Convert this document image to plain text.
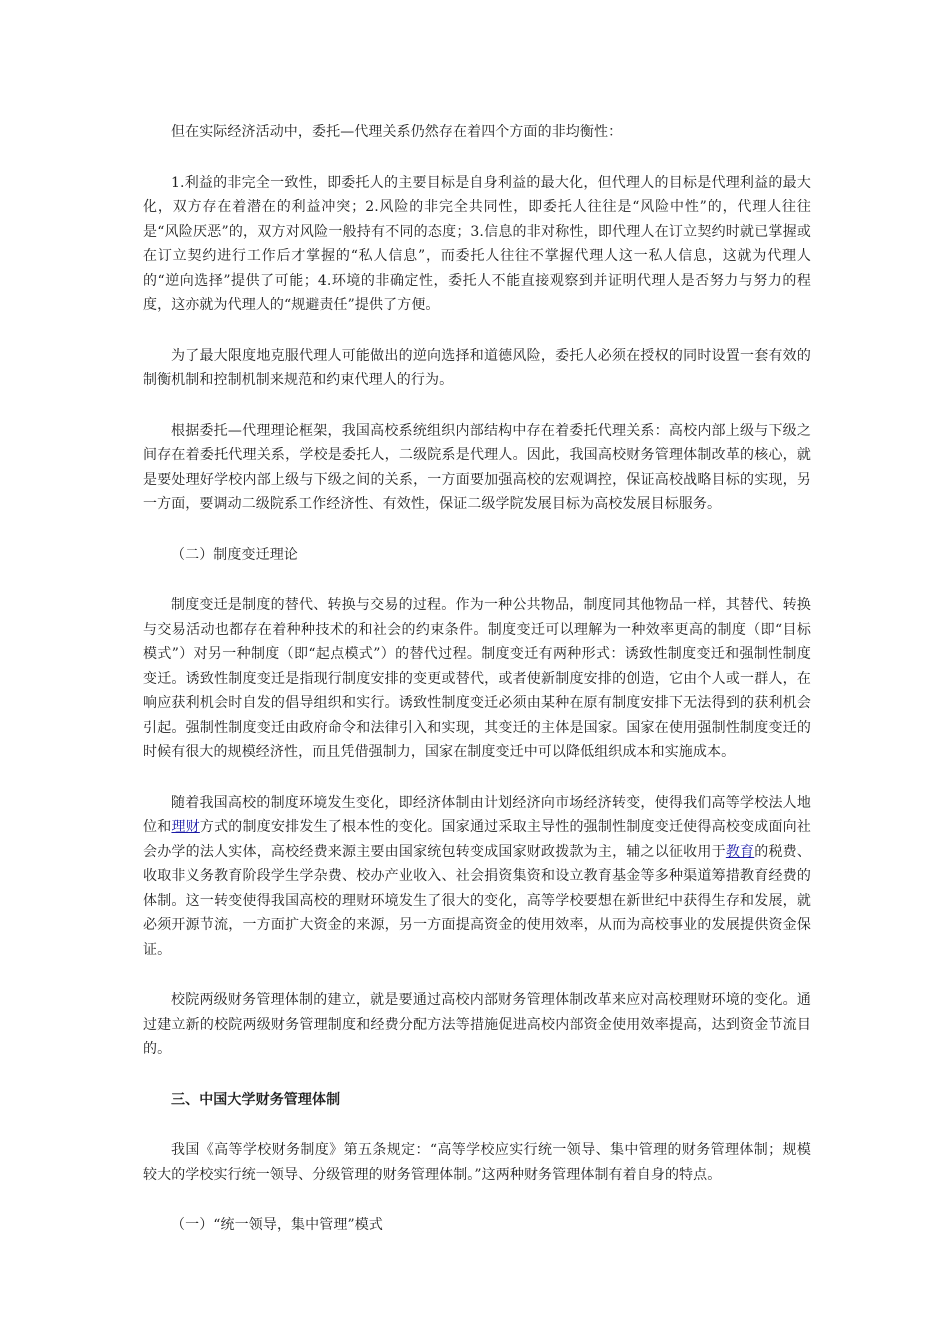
但在实际经济活动中，委托—代理关系仍然存在着四个方面的非均衡性：

1.利益的非完全一致性，即委托人的主要目标是自身利益的最大化，但代理人的目标是代理利益的最大化，双方存在着潜在的利益冲突；2.风险的非完全共同性，即委托人往往是“风险中性”的，代理人往往是“风险厌恶”的，双方对风险一般持有不同的态度；3.信息的非对称性，即代理人在订立契约时就已掌握或在订立契约进行工作后才掌握的“私人信息”，而委托人往往不掌握代理人这一私人信息，这就为代理人的“逆向选择”提供了可能；4.环境的非确定性，委托人不能直接观察到并证明代理人是否努力与努力的程度，这亦就为代理人的“规避责任”提供了方便。

为了最大限度地克服代理人可能做出的逆向选择和道德风险，委托人必须在授权的同时设置一套有效的制衡机制和控制机制来规范和约束代理人的行为。

根据委托—代理理论框架，我国高校系统组织内部结构中存在着委托代理关系：高校内部上级与下级之间存在着委托代理关系，学校是委托人，二级院系是代理人。因此，我国高校财务管理体制改革的核心，就是要处理好学校内部上级与下级之间的关系，一方面要加强高校的宏观调控，保证高校战略目标的实现，另一方面，要调动二级院系工作经济性、有效性，保证二级学院发展目标为高校发展目标服务。

（二）制度变迁理论

制度变迁是制度的替代、转换与交易的过程。作为一种公共物品，制度同其他物品一样，其替代、转换与交易活动也都存在着种种技术的和社会的约束条件。制度变迁可以理解为一种效率更高的制度（即“目标模式”）对另一种制度（即“起点模式”）的替代过程。制度变迁有两种形式：诱致性制度变迁和强制性制度变迁。诱致性制度变迁是指现行制度安排的变更或替代，或者使新制度安排的创造，它由个人或一群人，在响应获利机会时自发的倡导组织和实行。诱致性制度变迁必须由某种在原有制度安排下无法得到的获利机会引起。强制性制度变迁由政府命令和法律引入和实现，其变迁的主体是国家。国家在使用强制性制度变迁的时候有很大的规模经济性，而且凭借强制力，国家在制度变迁中可以降低组织成本和实施成本。

随着我国高校的制度环境发生变化，即经济体制由计划经济向市场经济转变，使得我们高等学校法人地位和理财方式的制度安排发生了根本性的变化。国家通过采取主导性的强制性制度变迁使得高校变成面向社会办学的法人实体，高校经费来源主要由国家统包转变成国家财政拨款为主，辅之以征收用于教育的税费、收取非义务教育阶段学生学杂费、校办产业收入、社会捐资集资和设立教育基金等多种渠道筹措教育经费的体制。这一转变使得我国高校的理财环境发生了很大的变化，高等学校要想在新世纪中获得生存和发展，就必须开源节流，一方面扩大资金的来源，另一方面提高资金的使用效率，从而为高校事业的发展提供资金保证。

校院两级财务管理体制的建立，就是要通过高校内部财务管理体制改革来应对高校理财环境的变化。通过建立新的校院两级财务管理制度和经费分配方法等措施促进高校内部资金使用效率提高，达到资金节流目的。

三、中国大学财务管理体制

我国《高等学校财务制度》第五条规定：“高等学校应实行统一领导、集中管理的财务管理体制；规模较大的学校实行统一领导、分级管理的财务管理体制。”这两种财务管理体制有着自身的特点。

（一）“统一领导，集中管理”模式
